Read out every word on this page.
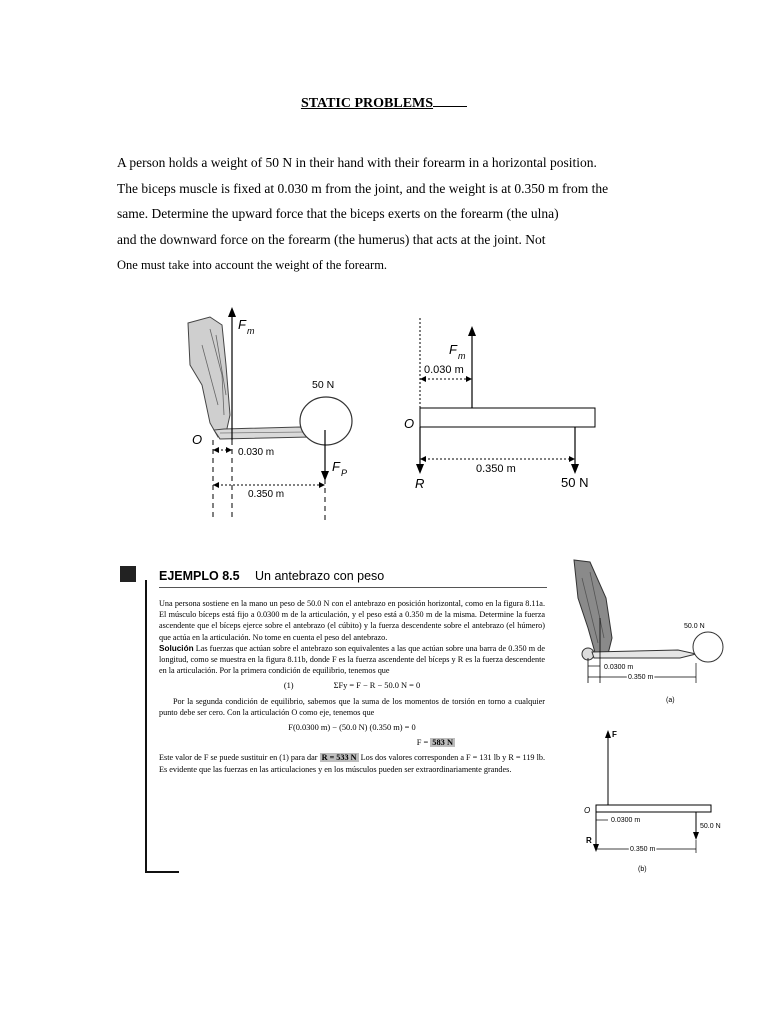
STATIC PROBLEMS
A person holds a weight of 50 N in their hand with their forearm in a horizontal position.
The biceps muscle is fixed at 0.030 m from the joint, and the weight is at 0.350 m from the
same. Determine the upward force that the biceps exerts on the forearm (the ulna)
and the downward force on the forearm (the humerus) that acts at the joint. Not
One must take into account the weight of the forearm.
F m
50 N
O
0.030 m
F P
0.350 m
F m
0.030 m
O
R	50 N
0.350 m
EJEMPLO 8.5 Un antebrazo con peso

Una persona sostiene en la mano un peso de 50.0 N con el antebrazo en posición horizontal, como en la figura 8.11a. El músculo bíceps está fijo a 0.0300 m de la articulación, y el peso está a 0.350 m de la misma. Determine la fuerza ascendente que el bíceps ejerce sobre el antebrazo (el cúbito) y la fuerza descendente sobre el antebrazo (el húmero) que actúa en la articulación. No tome en cuenta el peso del antebrazo.

Solución Las fuerzas que actúan sobre el antebrazo son equivalentes a las que actúan sobre una barra de 0.350 m de longitud, como se muestra en la figura 8.11b, donde F es la fuerza ascendente del bíceps y R es la fuerza descendente en la articulación. Por la primera condición de equilibrio, tenemos que

(1)	ΣFy = F − R − 50.0 N = 0

Por la segunda condición de equilibrio, sabemos que la suma de los momentos de torsión en torno a cualquier punto debe ser cero. Con la articulación O como eje, tenemos que

F(0.0300 m) − (50.0 N) (0.350 m) = 0
F = 583 N

Este valor de F se puede sustituir en (1) para dar R = 533 N Los dos valores corresponden a F = 131 lb y R = 119 lb. Es evidente que las fuerzas en las articulaciones y en los músculos pueden ser extraordinariamente grandes.

50.0 N
0.0300 m
0.350 m
(a)
F
O
R
50.0 N
0.0300 m
0.350 m
(b)
